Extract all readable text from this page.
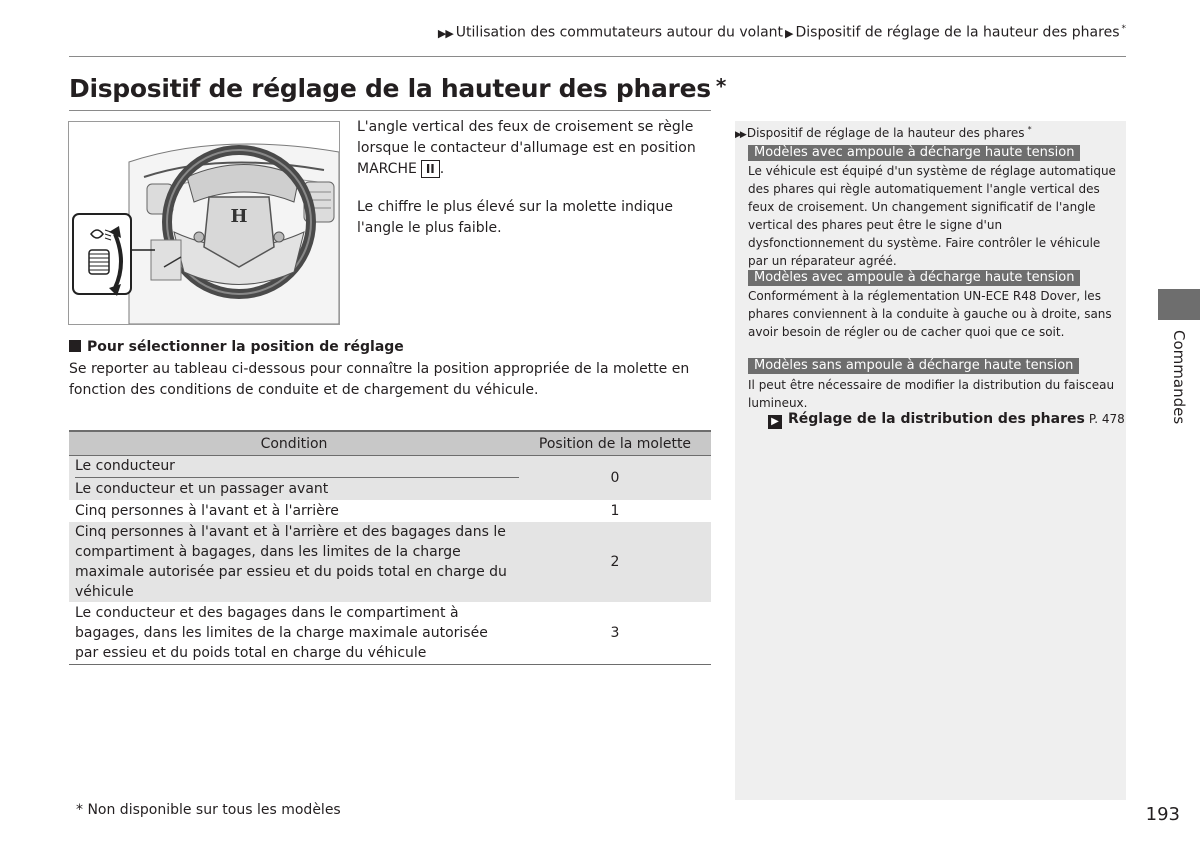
▶▶ Utilisation des commutateurs autour du volant ▶ Dispositif de réglage de la hauteur des phares *
Dispositif de réglage de la hauteur des phares *
H
L'angle vertical des feux de croisement se règle lorsque le contacteur d'allumage est en position MARCHE II .
Le chiffre le plus élevé sur la molette indique l'angle le plus faible.
Pour sélectionner la position de réglage
Se reporter au tableau ci-dessous pour connaître la position appropriée de la molette en fonction des conditions de conduite et de chargement du véhicule.
Condition	Position de la molette

Le conducteur	0
Le conducteur et un passager avant	
Cinq personnes à l'avant et à l'arrière	1
Cinq personnes à l'avant et à l'arrière et des bagages dans le compartiment à bagages, dans les limites de la charge maximale autorisée par essieu et du poids total en charge du véhicule	2
Le conducteur et des bagages dans le compartiment à bagages, dans les limites de la charge maximale autorisée par essieu et du poids total en charge du véhicule	3
▶▶ Dispositif de réglage de la hauteur des phares *
Modèles avec ampoule à décharge haute tension
Le véhicule est équipé d'un système de réglage automatique des phares qui règle automatiquement l'angle vertical des feux de croisement. Un changement significatif de l'angle vertical des phares peut être le signe d'un dysfonctionnement du système. Faire contrôler le véhicule par un réparateur agréé.
Modèles avec ampoule à décharge haute tension
Conformément à la réglementation UN-ECE R48 Dover, les phares conviennent à la conduite à gauche ou à droite, sans avoir besoin de régler ou de cacher quoi que ce soit.
Modèles sans ampoule à décharge haute tension
Il peut être nécessaire de modifier la distribution du faisceau lumineux.
▶ Réglage de la distribution des phares P. 478	Commandes
* Non disponible sur tous les modèles	193
